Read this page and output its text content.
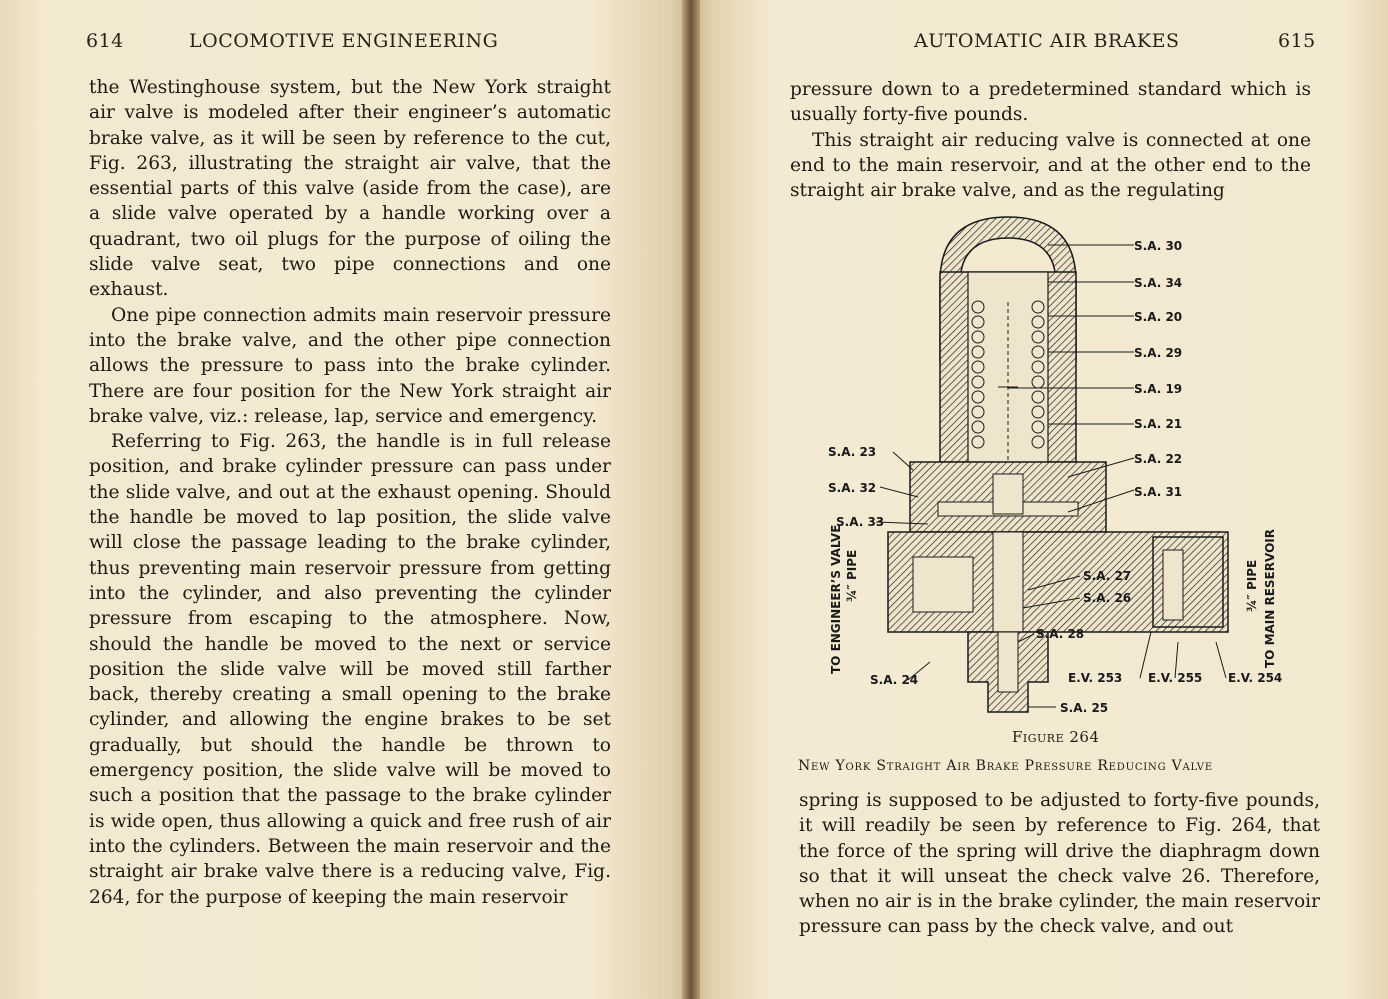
614	LOCOMOTIVE ENGINEERING

the Westinghouse system, but the New York straight air valve is modeled after their engineer’s automatic brake valve, as it will be seen by reference to the cut, Fig. 263, illustrating the straight air valve, that the essential parts of this valve (aside from the case), are a slide valve operated by a handle working over a quadrant, two oil plugs for the purpose of oiling the slide valve seat, two pipe connections and one exhaust.

One pipe connection admits main reservoir pressure into the brake valve, and the other pipe connection allows the pressure to pass into the brake cylinder. There are four position for the New York straight air brake valve, viz.: release, lap, service and emergency.

Referring to Fig. 263, the handle is in full release position, and brake cylinder pressure can pass under the slide valve, and out at the exhaust opening. Should the handle be moved to lap position, the slide valve will close the passage leading to the brake cylinder, thus preventing main reservoir pressure from getting into the cylinder, and also preventing the cylinder pressure from escaping to the atmosphere. Now, should the handle be moved to the next or service position the slide valve will be moved still farther back, thereby creating a small opening to the brake cylinder, and allowing the engine brakes to be set gradually, but should the handle be thrown to emergency position, the slide valve will be moved to such a position that the passage to the brake cylinder is wide open, thus allowing a quick and free rush of air into the cylinders. Between the main reservoir and the straight air brake valve there is a reducing valve, Fig. 264, for the purpose of keeping the main reservoir

AUTOMATIC AIR BRAKES	615

pressure down to a predetermined standard which is usually forty-five pounds.

This straight air reducing valve is connected at one end to the main reservoir, and at the other end to the straight air brake valve, and as the regulating

S.A. 30
S.A. 34
S.A. 20
S.A. 29
S.A. 19
S.A. 21
S.A. 22
S.A. 31
S.A. 23
S.A. 32
S.A. 33
S.A. 24
S.A. 27
S.A. 26
S.A. 28
E.V. 253 E.V. 255 E.V. 254
S.A. 25
TO ENGINEER’S VALVE ¾″ PIPE	¾″ PIPE TO MAIN RESERVOIR
Figure 264
New York Straight Air Brake Pressure Reducing Valve

spring is supposed to be adjusted to forty-five pounds, it will readily be seen by reference to Fig. 264, that the force of the spring will drive the diaphragm down so that it will unseat the check valve 26. Therefore, when no air is in the brake cylinder, the main reservoir pressure can pass by the check valve, and out
